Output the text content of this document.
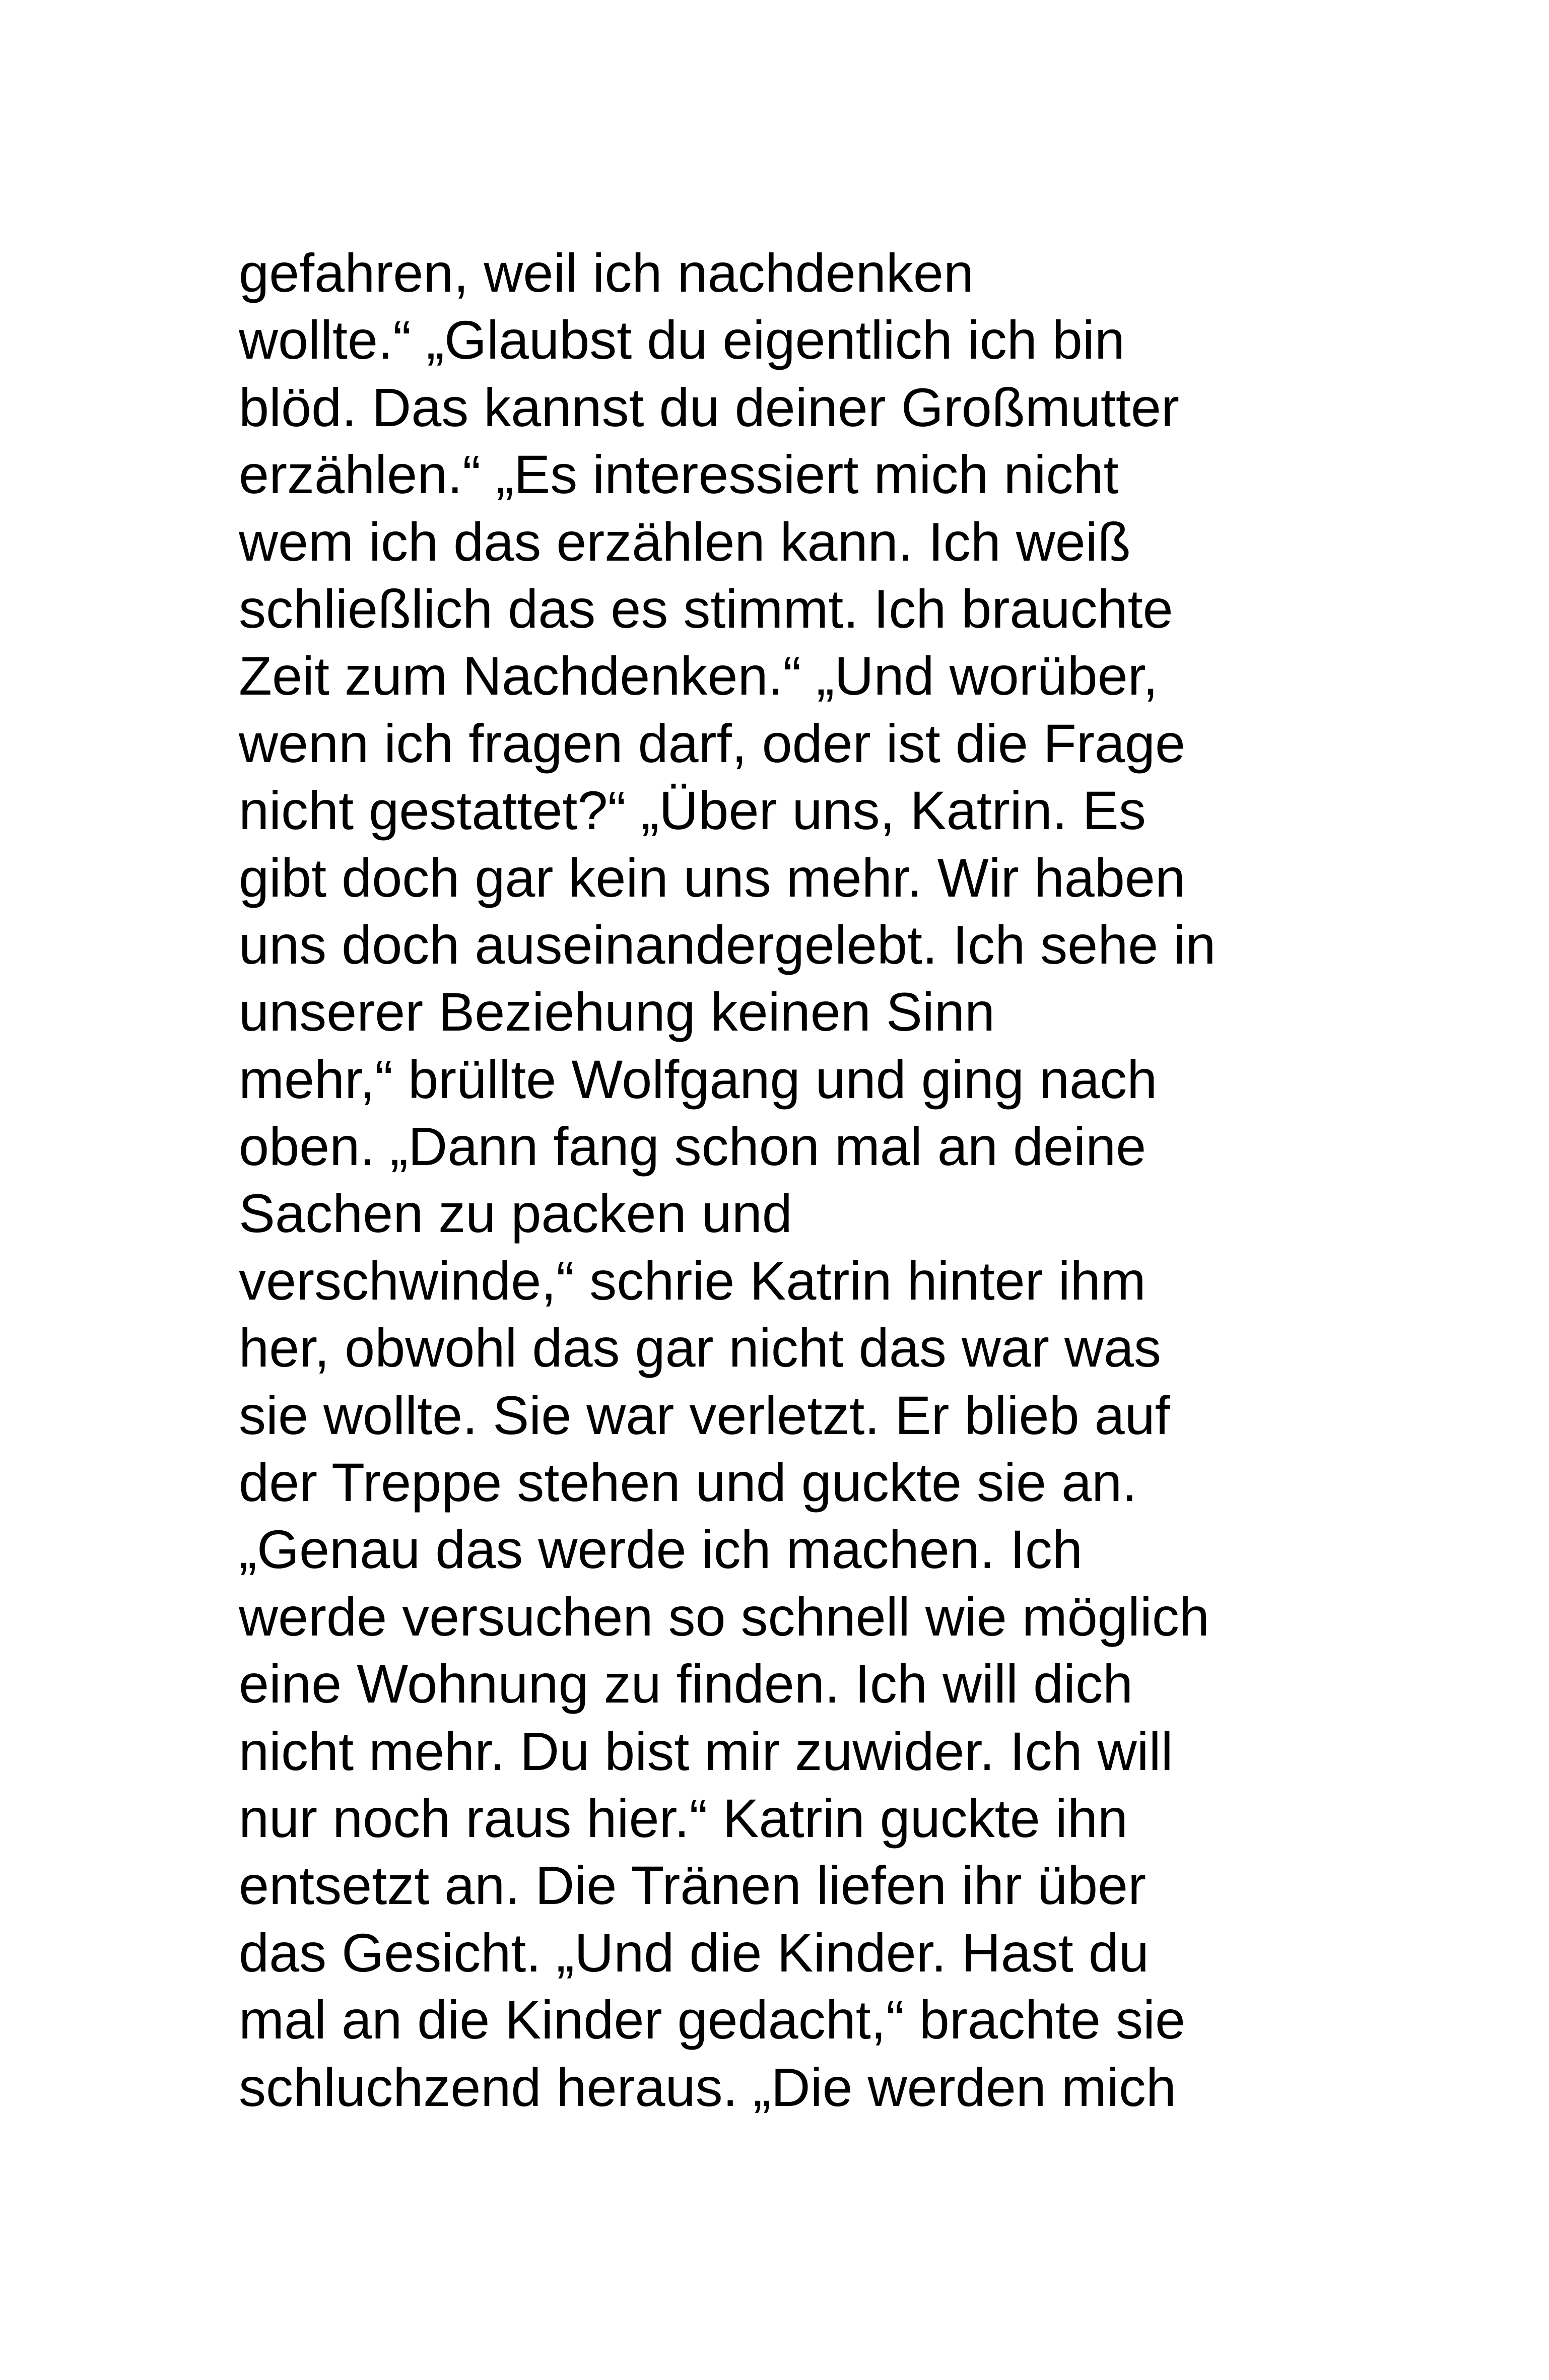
gefahren, weil ich nachdenken
wollte.“ „Glaubst du eigentlich ich bin
blöd. Das kannst du deiner Großmutter
erzählen.“ „Es interessiert mich nicht
wem ich das erzählen kann. Ich weiß
schließlich das es stimmt. Ich brauchte
Zeit zum Nachdenken.“ „Und worüber,
wenn ich fragen darf, oder ist die Frage
nicht gestattet?“ „Über uns, Katrin. Es
gibt doch gar kein uns mehr. Wir haben
uns doch auseinandergelebt. Ich sehe in
unserer Beziehung keinen Sinn
mehr,“ brüllte Wolfgang und ging nach
oben. „Dann fang schon mal an deine
Sachen zu packen und
verschwinde,“ schrie Katrin hinter ihm
her, obwohl das gar nicht das war was
sie wollte. Sie war verletzt. Er blieb auf
der Treppe stehen und guckte sie an.
„Genau das werde ich machen. Ich
werde versuchen so schnell wie möglich
eine Wohnung zu finden. Ich will dich
nicht mehr. Du bist mir zuwider. Ich will
nur noch raus hier.“ Katrin guckte ihn
entsetzt an. Die Tränen liefen ihr über
das Gesicht. „Und die Kinder. Hast du
mal an die Kinder gedacht,“ brachte sie
schluchzend heraus. „Die werden mich
